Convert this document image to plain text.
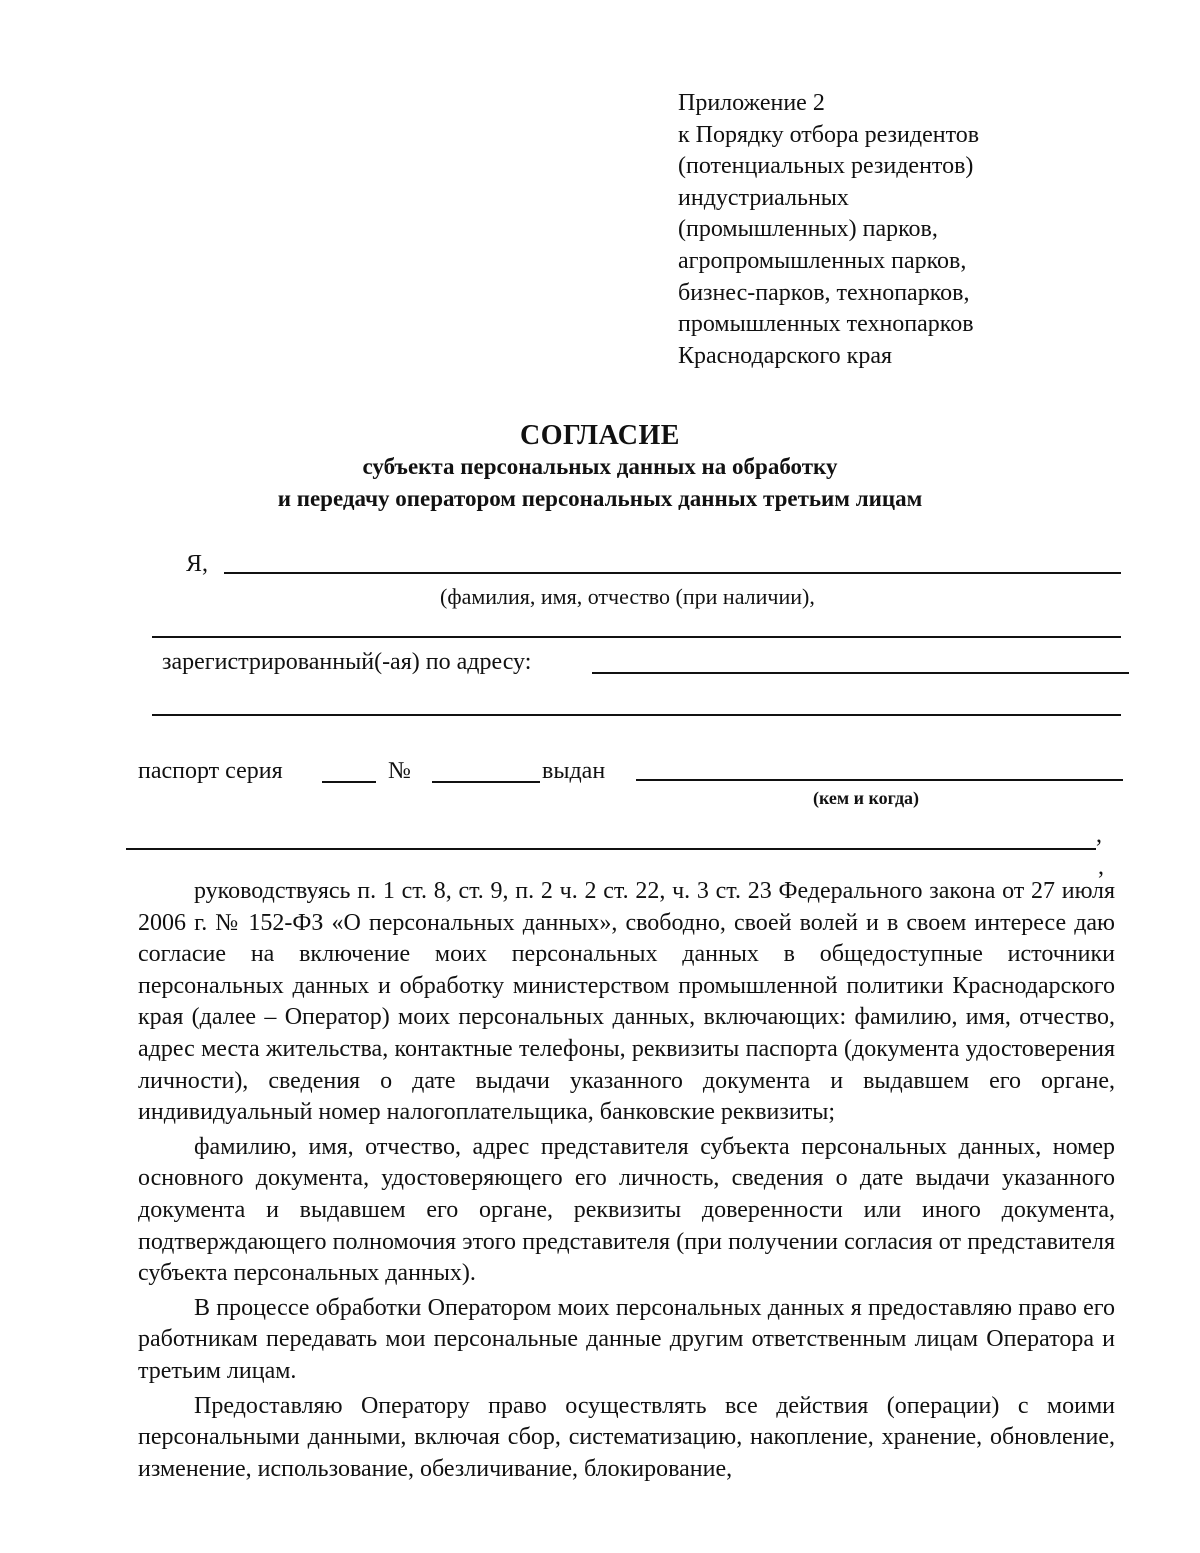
Приложение 2
к Порядку отбора резидентов
(потенциальных резидентов)
индустриальных
(промышленных) парков,
агропромышленных парков,
бизнес-парков, технопарков,
промышленных технопарков
Краснодарского края
СОГЛАСИЕ
субъекта персональных данных на обработку
и передачу оператором персональных данных третьим лицам
Я,
(фамилия, имя, отчество (при наличии),
зарегистрированный(-ая) по адресу:
паспорт серия	№	выдан
(кем и когда)
,
,

руководствуясь п. 1 ст. 8, ст. 9, п. 2 ч. 2 ст. 22, ч. 3 ст. 23 Федерального закона от 27 июля 2006 г. № 152-ФЗ «О персональных данных», свободно, своей волей и в своем интересе даю согласие на включение моих персональных данных в общедоступные источники персональных данных и обработку министерством промышленной политики Краснодарского края (далее – Оператор) моих персональных данных, включающих: фамилию, имя, отчество, адрес места жительства, контактные телефоны, реквизиты паспорта (документа удостоверения личности), сведения о дате выдачи указанного документа и выдавшем его органе, индивидуальный номер налогоплательщика, банковские реквизиты;

фамилию, имя, отчество, адрес представителя субъекта персональных данных, номер основного документа, удостоверяющего его личность, сведения о дате выдачи указанного документа и выдавшем его органе, реквизиты доверенности или иного документа, подтверждающего полномочия этого представителя (при получении согласия от представителя субъекта персональных данных).

В процессе обработки Оператором моих персональных данных я предоставляю право его работникам передавать мои персональные данные другим ответственным лицам Оператора и третьим лицам.

Предоставляю Оператору право осуществлять все действия (операции) с моими персональными данными, включая сбор, систематизацию, накопление, хранение, обновление, изменение, использование, обезличивание, блокирование,
